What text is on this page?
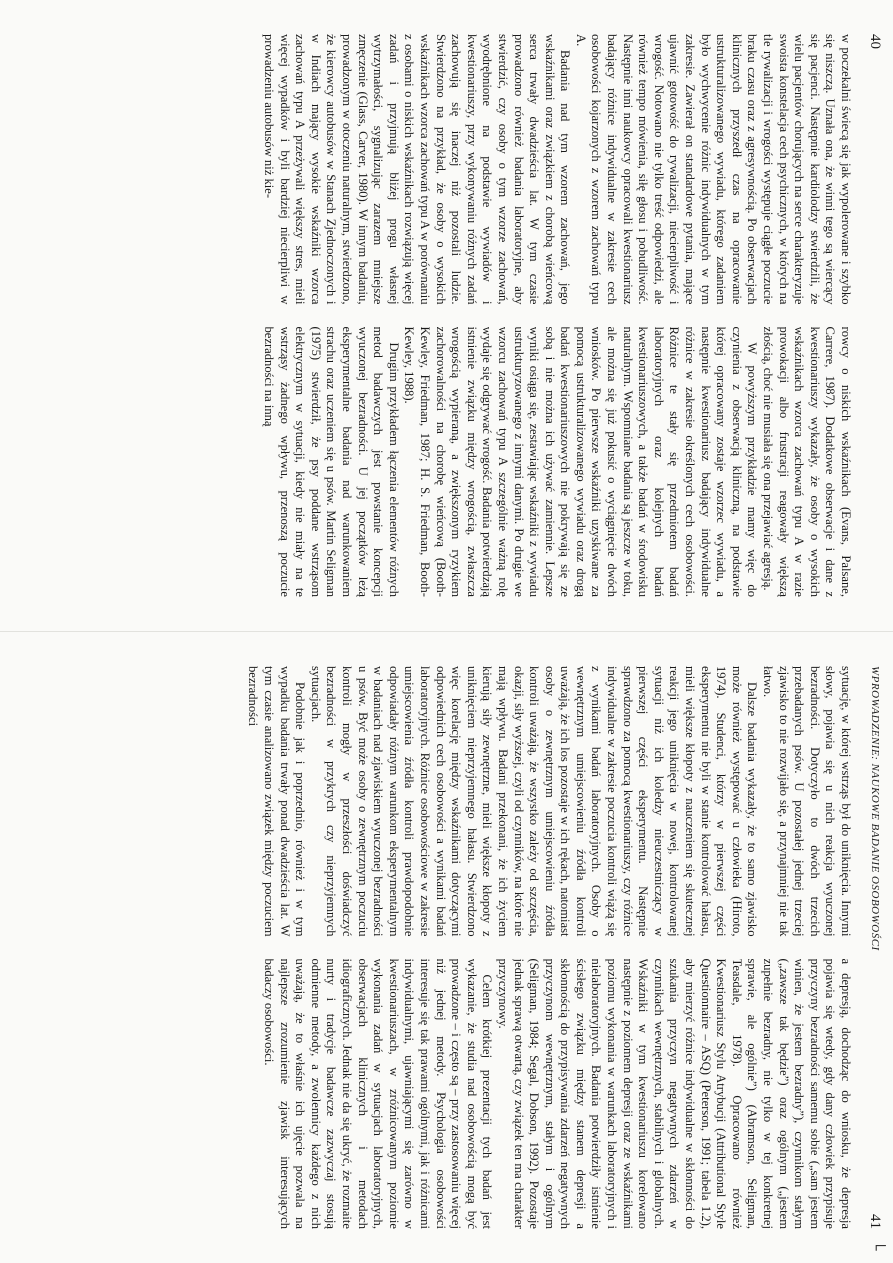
40

w poczekalni świecą się jak wypolerowane i szybko się niszczą. Uznała ona, że winni tego są wiercący się pacjenci. Następnie kardiolodzy stwierdzili, że wielu pacjentów chorujących na serce charakteryzuje swoista konstelacja cech psychicznych, w których na tle rywalizacji i wrogości występuje ciągłe poczucie braku czasu oraz z agresywnością. Po obserwacjach klinicznych przyszedł czas na opracowanie ustrukturalizowanego wywiadu, którego zadaniem było wychwycenie różnic indywidualnych w tym zakresie. Zawierał on standardowe pytania, mające ujawnić gotowość do rywalizacji, niecierpliwość i wrogość. Notowano nie tylko treść odpowiedzi, ale również tempo mówienia, siłę głosu i pobudliwość. Następnie inni naukowcy opracowali kwestionariusz badający różnice indywidualne w zakresie cech osobowości kojarzonych z wzorem zachowań typu A.

Badania nad tym wzorem zachowań, jego wskaźnikami oraz związkiem z chorobą wieńcową serca trwały dwadzieścia lat. W tym czasie prowadzono również badania laboratoryjne, aby stwierdzić, czy osoby o tym wzorze zachowań, wyodrębnione na podstawie wywiadów i kwestionariuszy, przy wykonywaniu różnych zadań zachowują się inaczej niż pozostali ludzie. Stwierdzono na przykład, że osoby o wysokich wskaźnikach wzorca zachowań typu A w porównaniu z osobami o niskich wskaźnikach rozwiązują więcej zadań i przyjmują bliżej progu własnej wytrzymałości, sygnalizując zarazem mniejsze zmęczenie (Glass, Carver, 1980). W innym badaniu, prowadzonym w otoczeniu naturalnym, stwierdzono, że kierowcy autobusów w Stanach Zjednoczonych i w Indiach mający wysokie wskaźniki wzorca zachowań typu A przeżywali większy stres, mieli więcej wypadków i byli bardziej niecierpliwi w prowadzeniu autobusów niż kie-

rowcy o niskich wskaźnikach (Evans, Palsane, Carrere, 1987). Dodatkowe obserwacje i dane z kwestionariuszy wykazały, że osoby o wysokich wskaźnikach wzorca zachowań typu A w razie prowokacji albo frustracji reagowały większą złością, choć nie musiała się ona przejawiać agresją.

W powyższym przykładzie mamy więc do czynienia z obserwacją kliniczną, na podstawie której opracowany zostaje wzorzec wywiadu, a następnie kwestionariusz badający indywidualne różnice w zakresie określonych cech osobowości. Różnice te stały się przedmiotem badań laboratoryjnych oraz kolejnych badań kwestionariuszowych, a także badań w środowisku naturalnym. Wspomniane badania są jeszcze w toku, ale można się już pokusić o wyciągnięcie dwóch wniosków. Po pierwsze wskaźniki uzyskiwane za pomocą ustrukturalizowanego wywiadu oraz drogą badań kwestionariuszowych nie pokrywają się ze sobą i nie można ich używać zamiennie. Lepsze wyniki osiąga się, zestawiając wskaźniki z wywiadu ustrukturyzowanego z innymi danymi. Po drugie we wzorcu zachowań typu A szczególnie ważną rolę wydaje się odgrywać wrogość. Badania potwierdzają istnienie związku między wrogością, zwłaszcza wrogością wypieraną, a zwiększonym ryzykiem zachorowalności na chorobę wieńcową (Booth-Kewley, Friedman, 1987; H. S. Friedman, Booth-Kewley, 1988).

Drugim przykładem łączenia elementów różnych metod badawczych jest powstanie koncepcji wyuczonej bezradności. U jej początków leżą eksperymentalne badania nad warunkowaniem strachu oraz uczeniem się u psów. Martin Seligman (1975) stwierdził, że psy poddane wstrząsom elektrycznym w sytuacji, kiedy nie miały na te wstrząsy żadnego wpływu, przenoszą poczucie bezradności na inną

WPROWADZENIE: NAUKOWE BADANIE OSOBOWOŚCI
41

sytuację, w której wstrząs był do uniknięcia. Innymi słowy, pojawia się u nich reakcja wyuczonej bezradności. Dotyczyło to dwóch trzecich przebadanych psów. U pozostałej jednej trzeciej zjawisko to nie rozwijało się, a przynajmniej nie tak łatwo.

Dalsze badania wykazały, że to samo zjawisko może również występować u człowieka (Hiroto, 1974). Studenci, którzy w pierwszej części eksperymentu nie byli w stanie kontrolować hałasu, mieli większe kłopoty z nauczeniem się skutecznej reakcji jego uniknięcia w nowej, kontrolowanej sytuacji niż ich koledzy nieuczestniczący w pierwszej części eksperymentu. Następnie sprawdzono za pomocą kwestionariuszy, czy różnice indywidualne w zakresie poczucia kontroli wiążą się z wynikami badań laboratoryjnych. Osoby o wewnętrznym umiejscowieniu źródła kontroli uważają, że ich los pozostaje w ich rękach, natomiast osoby o zewnętrznym umiejscowieniu źródła kontroli uważają, że wszystko zależy od szczęścia, okazji, siły wyższej, czyli od czynników, na które nie mają wpływu. Badani przekonani, że ich życiem kierują siły zewnętrzne, mieli większe kłopoty z uniknięciem nieprzyjemnego hałasu. Stwierdzono więc korelację między wskaźnikami dotyczącymi odpowiednich cech osobowości a wynikami badań laboratoryjnych. Różnice osobowościowe w zakresie umiejscowienia źródła kontroli prawdopodobnie odpowiadały różnym warunkom eksperymentalnym w badaniach nad zjawiskiem wyuczonej bezradności u psów. Być może osoby o zewnętrznym poczuciu kontroli mogły w przeszłości doświadczyć bezradności w przykrych czy nieprzyjemnych sytuacjach.

Podobnie jak i poprzednio, również i w tym wypadku badania trwały ponad dwadzieścia lat. W tym czasie analizowano związek między poczuciem bezradności

a depresją, dochodząc do wniosku, że depresja pojawia się wtedy, gdy dany człowiek przypisuje przyczyny bezradności samemu sobie („sam jestem winien, że jestem bezradny”), czynnikom stałym („zawsze tak będzie”) oraz ogólnym („jestem zupełnie bezradny, nie tylko w tej konkretnej sprawie, ale ogólnie”) (Abramson, Seligman, Teasdale, 1978). Opracowano również Kwestionariusz Stylu Atrybucji (Attributional Style Questionnaire – ASQ) (Peterson, 1991; tabela 1.2), aby mierzyć różnice indywidualne w skłonności do szukania przyczyn negatywnych zdarzeń w czynnikach wewnętrznych, stabilnych i globalnych. Wskaźniki w tym kwestionariuszu korelowano następnie z poziomem depresji oraz ze wskaźnikami poziomu wykonania w warunkach laboratoryjnych i nielaboratoryjnych. Badania potwierdziły istnienie ścisłego związku między stanem depresji a skłonnością do przypisywania zdarzeń negatywnych przyczynom wewnętrznym, stałym i ogólnym (Seligman, 1984; Segal, Dobson, 1992). Pozostaje jednak sprawą otwartą, czy związek ten ma charakter przyczynowy.

Celem krótkiej prezentacji tych badań jest wykazanie, że studia nad osobowością mogą być prowadzone – i często są – przy zastosowaniu więcej niż jednej metody. Psychologia osobowości interesuje się tak prawami ogólnymi, jak i różnicami indywidualnymi, ujawniającymi się zarówno w kwestionariuszach, w zróżnicowanym poziomie wykonania zadań w sytuacjach laboratoryjnych, obserwacjach klinicznych i metodach idiograficznych. Jednak nie da się ukryć, że rozmaite nurty i tradycje badawcze zazwyczaj stosują odmienne metody, a zwolennicy każdego z nich uważają, że to właśnie ich ujęcie pozwala na najlepsze zrozumienie zjawisk interesujących badaczy osobowości.

⌐
